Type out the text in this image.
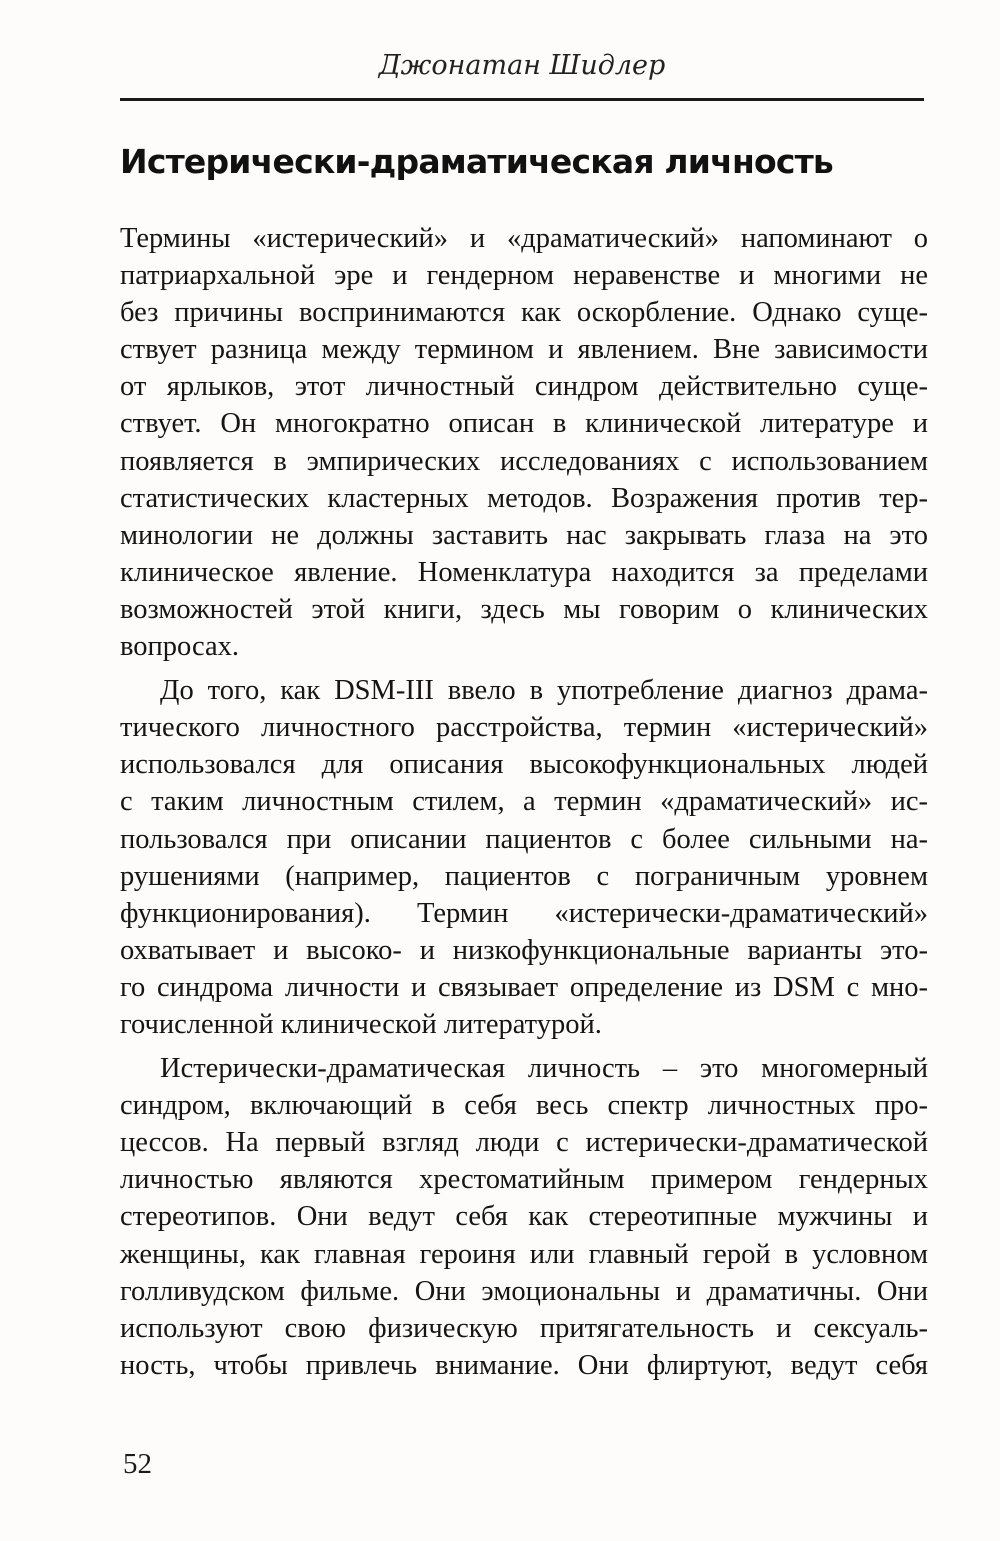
Джонатан Шидлер
Истерически-драматическая личность
Термины «истерический» и «драматический» напоминают о
патриархальной эре и гендерном неравенстве и многими не
без причины воспринимаются как оскорбление. Однако суще-
ствует разница между термином и явлением. Вне зависимости
от ярлыков, этот личностный синдром действительно суще-
ствует. Он многократно описан в клинической литературе и
появляется в эмпирических исследованиях с использованием
статистических кластерных методов. Возражения против тер-
минологии не должны заставить нас закрывать глаза на это
клиническое явление. Номенклатура находится за пределами
возможностей этой книги, здесь мы говорим о клинических
вопросах.
До того, как DSM-III ввело в употребление диагноз драма-
тического личностного расстройства, термин «истерический»
использовался для описания высокофункциональных людей
с таким личностным стилем, а термин «драматический» ис-
пользовался при описании пациентов с более сильными на-
рушениями (например, пациентов с пограничным уровнем
функционирования). Термин «истерически-драматический»
охватывает и высоко- и низкофункциональные варианты это-
го синдрома личности и связывает определение из DSM с мно-
гочисленной клинической литературой.
Истерически-драматическая личность – это многомерный
синдром, включающий в себя весь спектр личностных про-
цессов. На первый взгляд люди с истерически-драматической
личностью являются хрестоматийным примером гендерных
стереотипов. Они ведут себя как стереотипные мужчины и
женщины, как главная героиня или главный герой в условном
голливудском фильме. Они эмоциональны и драматичны. Они
используют свою физическую притягательность и сексуаль-
ность, чтобы привлечь внимание. Они флиртуют, ведут себя
52
